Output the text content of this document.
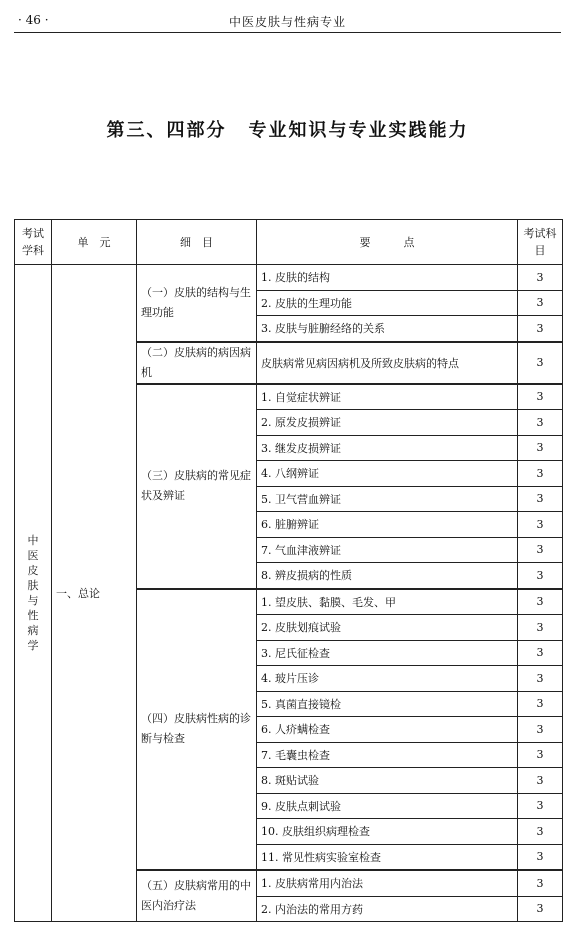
· 46 ·	中医皮肤与性病专业
第三、四部分 专业知识与专业实践能力
考试学科	单　元	细　目	要　　　点	考试科目

中医皮肤与性病学	一、总论	（一）皮肤的结构与生理功能	1. 皮肤的结构	3
			2. 皮肤的生理功能	3
			3. 皮肤与脏腑经络的关系	3
		（二）皮肤病的病因病机	皮肤病常见病因病机及所致皮肤病的特点	3
		（三）皮肤病的常见症状及辨证	1. 自觉症状辨证	3
			2. 原发皮损辨证	3
			3. 继发皮损辨证	3
			4. 八纲辨证	3
			5. 卫气营血辨证	3
			6. 脏腑辨证	3
			7. 气血津液辨证	3
			8. 辨皮损病的性质	3
		（四）皮肤病性病的诊断与检查	1. 望皮肤、黏膜、毛发、甲	3
			2. 皮肤划痕试验	3
			3. 尼氏征检查	3
			4. 玻片压诊	3
			5. 真菌直接镜检	3
			6. 人疥螨检查	3
			7. 毛囊虫检查	3
			8. 斑贴试验	3
			9. 皮肤点刺试验	3
			10. 皮肤组织病理检查	3
			11. 常见性病实验室检查	3
		（五）皮肤病常用的中医内治疗法	1. 皮肤病常用内治法	3
			2. 内治法的常用方药	3
